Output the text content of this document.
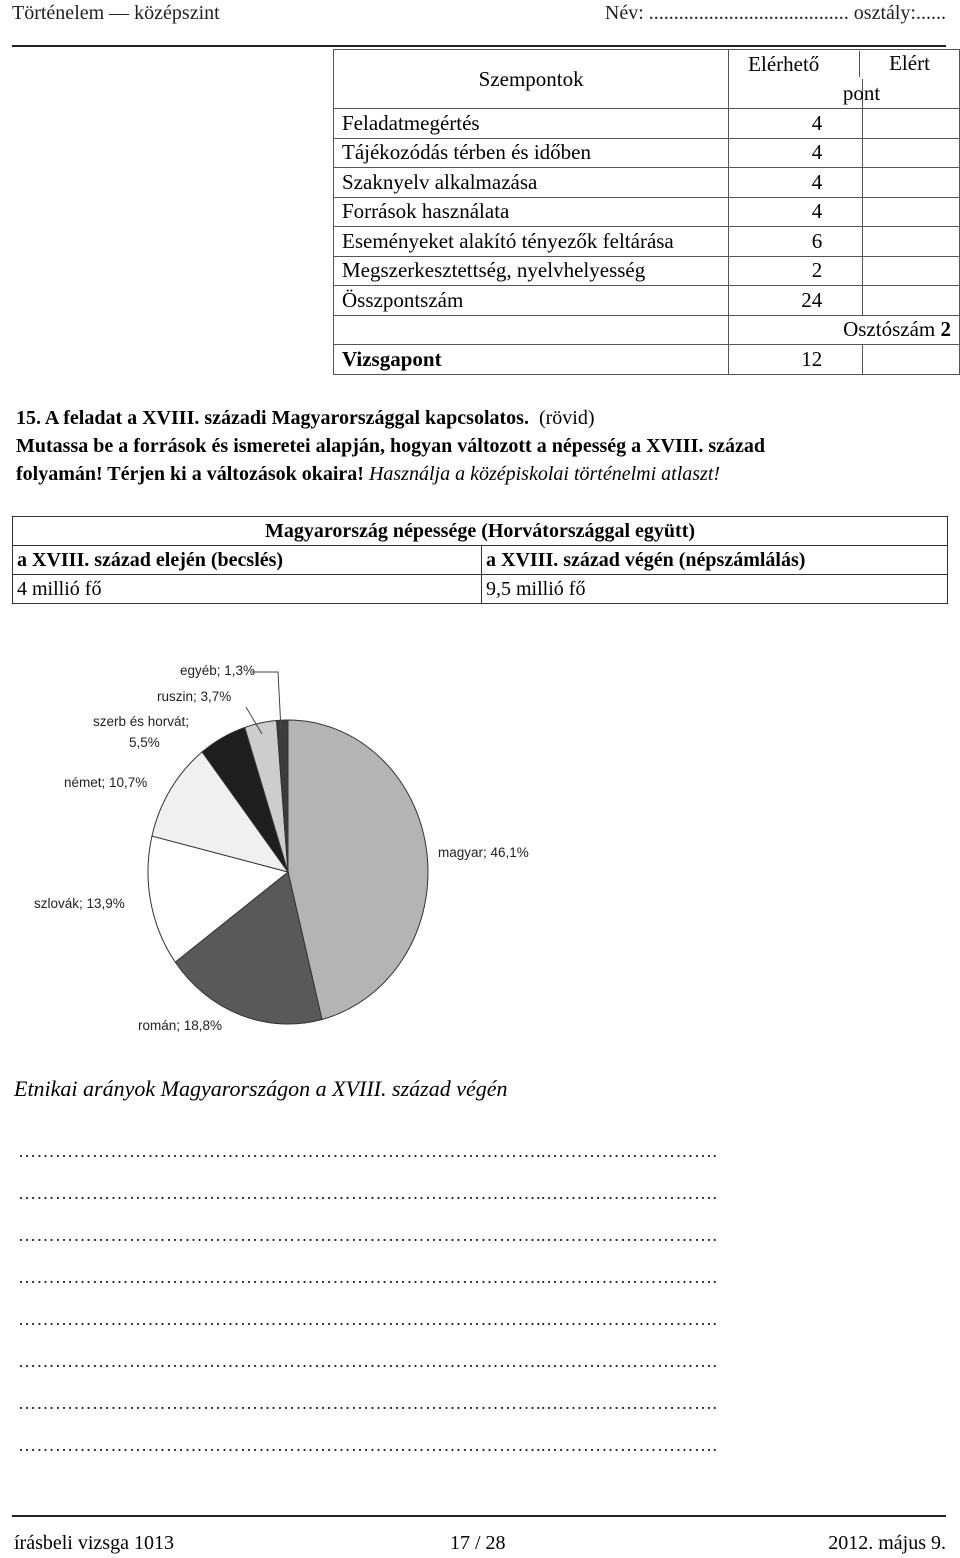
Történelem — középszint	Név: ........................................ osztály:......
Szempontok	Elérhető Elért	

	pont	
Feladatmegértés	4	
Tájékozódás térben és időben	4	
Szaknyelv alkalmazása	4	
Források használata	4	
Eseményeket alakító tényezők feltárása	6	
Megszerkesztettség, nyelvhelyesség	2	
Összpontszám	24	
	Osztószám 2	
Vizsgapont	12	
15. A feladat a XVIII. századi Magyarországgal kapcsolatos. (rövid)
Mutassa be a források és ismeretei alapján, hogyan változott a népesség a XVIII. század
folyamán! Térjen ki a változások okaira! Használja a középiskolai történelmi atlaszt!
Magyarország népessége (Horvátországgal együtt)	
a XVIII. század elején (becslés)	a XVIII. század végén (népszámlálás)
4 millió fő	9,5 millió fő
magyar; 46,1%
román; 18,8%
szlovák; 13,9%
német; 10,7%
szerb és horvát; 5,5%
ruszin; 3,7%
egyéb; 1,3%
Etnikai arányok Magyarországon a XVIII. század végén
…………………………………………………………………………..……………………….
…………………………………………………………………………..……………………….
…………………………………………………………………………..……………………….
…………………………………………………………………………..……………………….
…………………………………………………………………………..……………………….
…………………………………………………………………………..……………………….
…………………………………………………………………………..……………………….
…………………………………………………………………………..……………………….
írásbeli vizsga 1013	17 / 28	2012. május 9.
